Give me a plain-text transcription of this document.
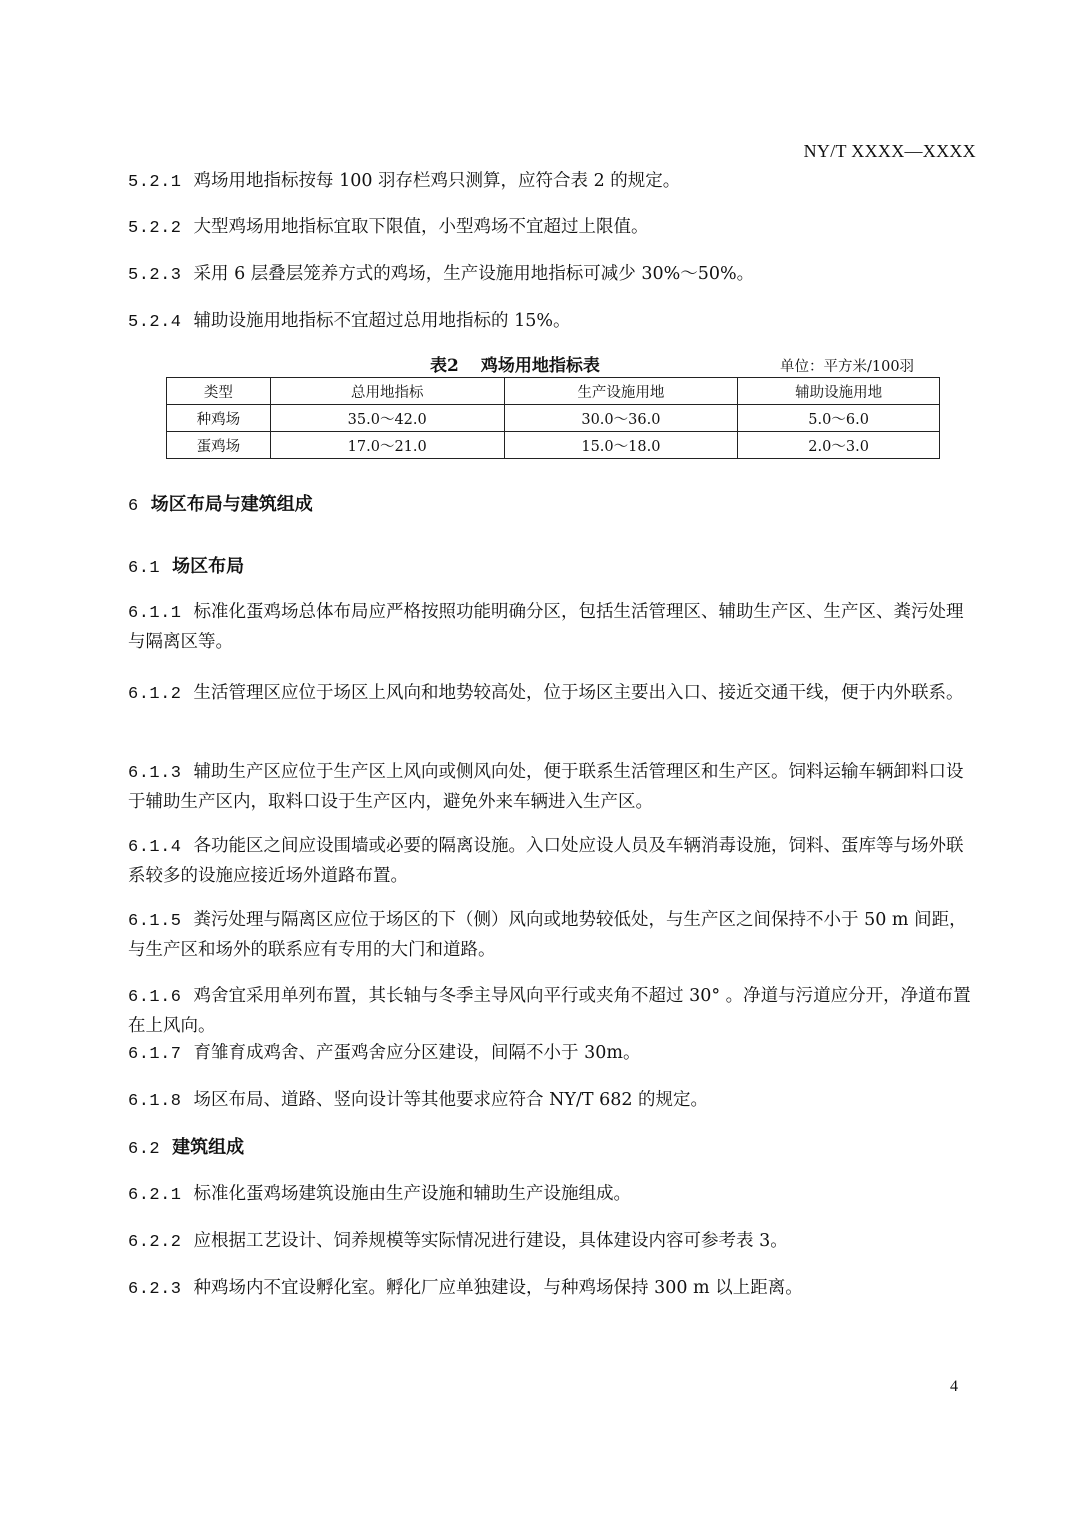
NY/T XXXX—XXXX
5.2.1 鸡场用地指标按每 100 羽存栏鸡只测算，应符合表 2 的规定。
5.2.2 大型鸡场用地指标宜取下限值，小型鸡场不宜超过上限值。
5.2.3 采用 6 层叠层笼养方式的鸡场，生产设施用地指标可减少 30%～50%。
5.2.4 辅助设施用地指标不宜超过总用地指标的 15%。
表2 鸡场用地指标表	单位：平方米/100羽
类型	总用地指标	生产设施用地	辅助设施用地
种鸡场	35.0～42.0	30.0～36.0	5.0～6.0
蛋鸡场	17.0～21.0	15.0～18.0	2.0～3.0
6 场区布局与建筑组成
6.1 场区布局
6.1.1 标准化蛋鸡场总体布局应严格按照功能明确分区，包括生活管理区、辅助生产区、生产区、粪污处理与隔离区等。
6.1.2 生活管理区应位于场区上风向和地势较高处，位于场区主要出入口、接近交通干线，便于内外联系。
6.1.3 辅助生产区应位于生产区上风向或侧风向处，便于联系生活管理区和生产区。饲料运输车辆卸料口设于辅助生产区内，取料口设于生产区内，避免外来车辆进入生产区。
6.1.4 各功能区之间应设围墙或必要的隔离设施。入口处应设人员及车辆消毒设施，饲料、蛋库等与场外联系较多的设施应接近场外道路布置。
6.1.5 粪污处理与隔离区应位于场区的下（侧）风向或地势较低处，与生产区之间保持不小于 50 m 间距，与生产区和场外的联系应有专用的大门和道路。
6.1.6 鸡舍宜采用单列布置，其长轴与冬季主导风向平行或夹角不超过 30° 。净道与污道应分开，净道布置在上风向。
6.1.7 育雏育成鸡舍、产蛋鸡舍应分区建设，间隔不小于 30m。
6.1.8 场区布局、道路、竖向设计等其他要求应符合 NY/T 682 的规定。
6.2 建筑组成
6.2.1 标准化蛋鸡场建筑设施由生产设施和辅助生产设施组成。
6.2.2 应根据工艺设计、饲养规模等实际情况进行建设，具体建设内容可参考表 3。
6.2.3 种鸡场内不宜设孵化室。孵化厂应单独建设，与种鸡场保持 300 m 以上距离。
4
